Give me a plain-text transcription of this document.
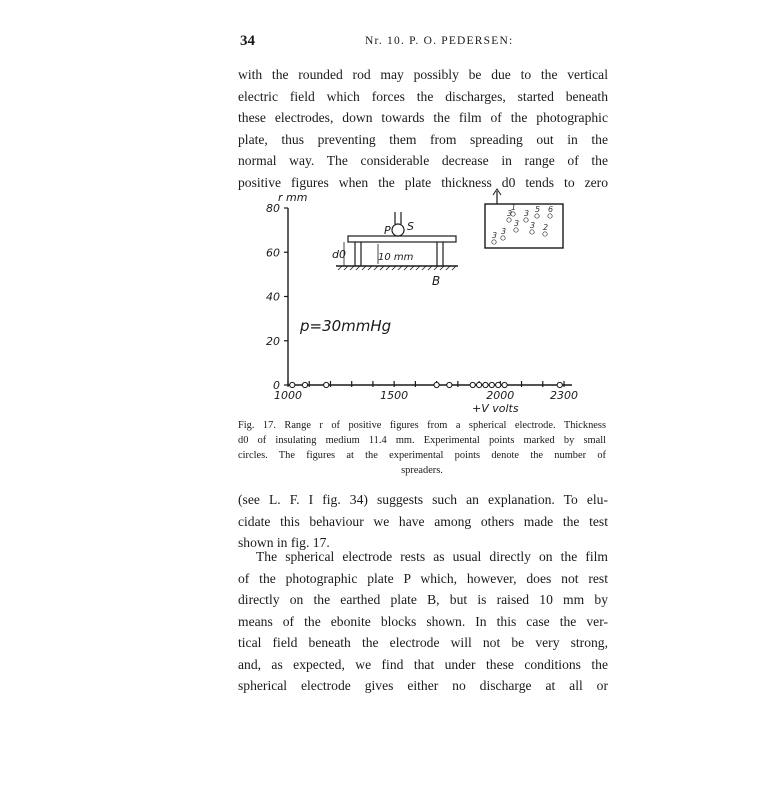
34	Nr. 10. P. O. PEDERSEN:
with the rounded rod may possibly be due to the vertical
electric field which forces the discharges, started beneath
these electrodes, down towards the film of the photographic
plate, thus preventing them from spreading out in the
normal way. The considerable decrease in range of the
positive figures when the plate thickness d0 tends to zero
0
20
40
60
80
1000	1500	2000	2300
r mm
+V volts
p=30mmHg
P S
d0	10 mm
B
3
1
3 5 6
3 3 2
3 3
Fig. 17. Range r of positive figures from a spherical electrode. Thickness
d0 of insulating medium 11.4 mm. Experimental points marked by small
circles. The figures at the experimental points denote the number of
spreaders.
(see L. F. I fig. 34) suggests such an explanation. To elu-
cidate this behaviour we have among others made the test
shown in fig. 17.
The spherical electrode rests as usual directly on the film
of the photographic plate P which, however, does not rest
directly on the earthed plate B, but is raised 10 mm by
means of the ebonite blocks shown. In this case the ver-
tical field beneath the electrode will not be very strong,
and, as expected, we find that under these conditions the
spherical electrode gives either no discharge at all or
